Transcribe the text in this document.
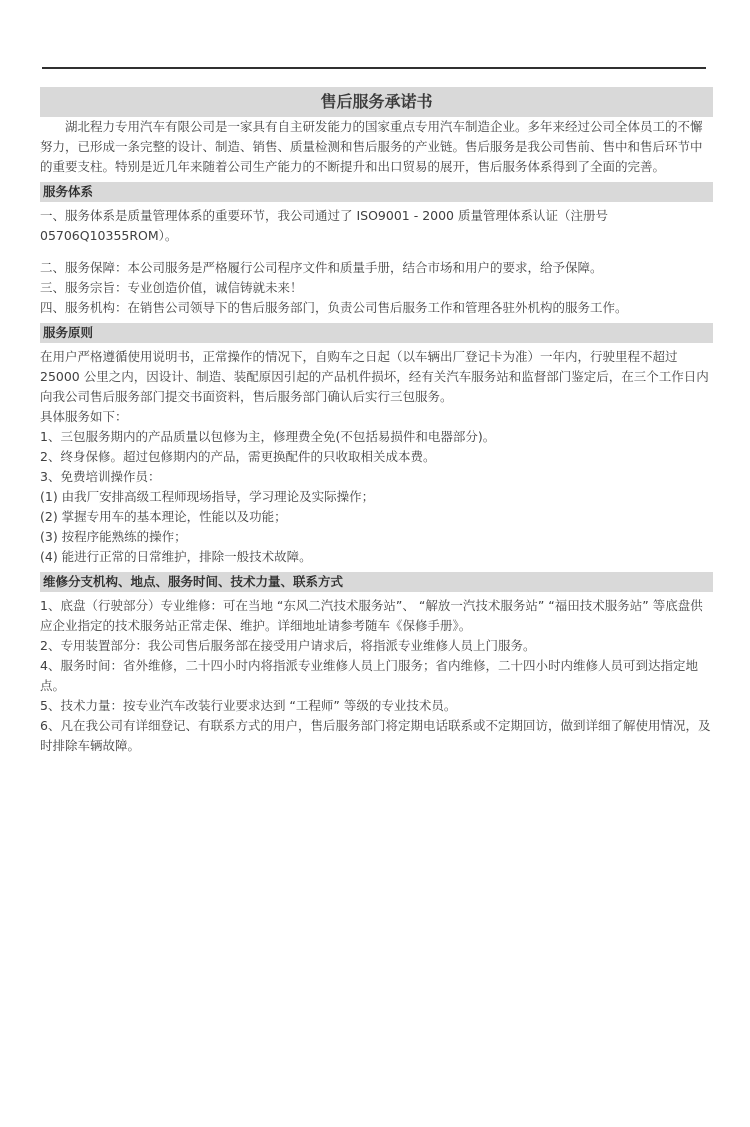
售后服务承诺书

湖北程力专用汽车有限公司是一家具有自主研发能力的国家重点专用汽车制造企业。多年来经过公司全体员工的不懈努力，已形成一条完整的设计、制造、销售、质量检测和售后服务的产业链。售后服务是我公司售前、售中和售后环节中的重要支柱。特别是近几年来随着公司生产能力的不断提升和出口贸易的展开，售后服务体系得到了全面的完善。

服务体系

一、服务体系是质量管理体系的重要环节，我公司通过了 ISO9001 - 2000 质量管理体系认证（注册号 05706Q10355ROM）。

二、服务保障：本公司服务是严格履行公司程序文件和质量手册，结合市场和用户的要求，给予保障。

三、服务宗旨：专业创造价值，诚信铸就未来！

四、服务机构：在销售公司领导下的售后服务部门，负责公司售后服务工作和管理各驻外机构的服务工作。

服务原则

在用户严格遵循使用说明书，正常操作的情况下，自购车之日起（以车辆出厂登记卡为准）一年内，行驶里程不超过 25000 公里之内，因设计、制造、装配原因引起的产品机件损坏，经有关汽车服务站和监督部门鉴定后，在三个工作日内向我公司售后服务部门提交书面资料，售后服务部门确认后实行三包服务。

具体服务如下：

1、三包服务期内的产品质量以包修为主，修理费全免(不包括易损件和电器部分)。

2、终身保修。超过包修期内的产品，需更换配件的只收取相关成本费。

3、免费培训操作员：

(1) 由我厂安排高级工程师现场指导，学习理论及实际操作；

(2) 掌握专用车的基本理论，性能以及功能；

(3) 按程序能熟练的操作；

(4) 能进行正常的日常维护，排除一般技术故障。

维修分支机构、地点、服务时间、技术力量、联系方式

1、底盘（行驶部分）专业维修：可在当地 “东风二汽技术服务站”、 “解放一汽技术服务站” “福田技术服务站” 等底盘供应企业指定的技术服务站正常走保、维护。详细地址请参考随车《保修手册》。

2、专用装置部分：我公司售后服务部在接受用户请求后，将指派专业维修人员上门服务。

4、服务时间：省外维修，二十四小时内将指派专业维修人员上门服务；省内维修，二十四小时内维修人员可到达指定地点。

5、技术力量：按专业汽车改装行业要求达到 “工程师” 等级的专业技术员。

6、凡在我公司有详细登记、有联系方式的用户，售后服务部门将定期电话联系或不定期回访，做到详细了解使用情况，及时排除车辆故障。
